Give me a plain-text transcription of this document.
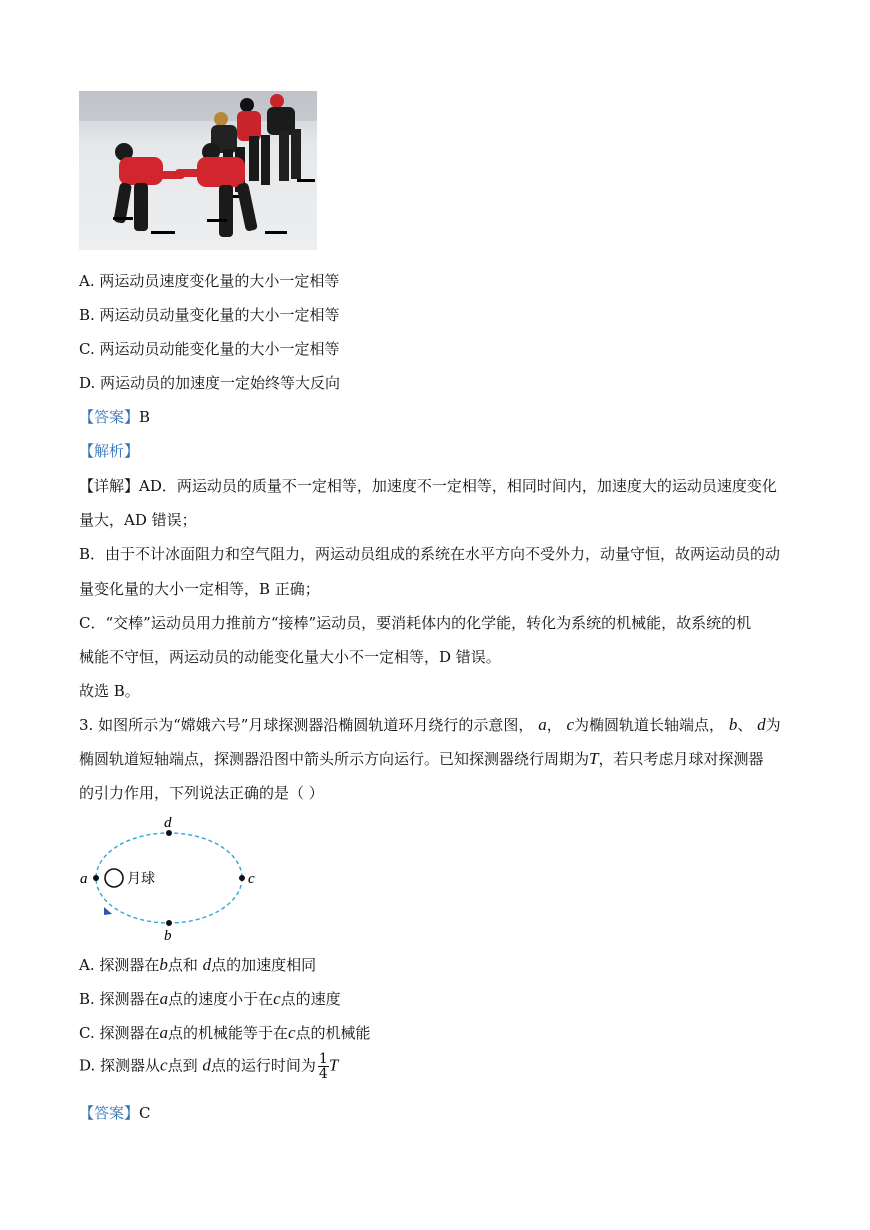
A. 两运动员速度变化量的大小一定相等
B. 两运动员动量变化量的大小一定相等
C. 两运动员动能变化量的大小一定相等
D. 两运动员的加速度一定始终等大反向
【答案】B
【解析】
【详解】AD．两运动员的质量不一定相等，加速度不一定相等，相同时间内，加速度大的运动员速度变化
量大，AD 错误；
B．由于不计冰面阻力和空气阻力，两运动员组成的系统在水平方向不受外力，动量守恒，故两运动员的动
量变化量的大小一定相等，B 正确；
C．“交棒”运动员用力推前方“接棒”运动员，要消耗体内的化学能，转化为系统的机械能，故系统的机
械能不守恒，两运动员的动能变化量大小不一定相等，D 错误。
故选 B。
3. 如图所示为“嫦娥六号”月球探测器沿椭圆轨道环月绕行的示意图， a， c为椭圆轨道长轴端点， b、 d为
椭圆轨道短轴端点，探测器沿图中箭头所示方向运行。已知探测器绕行周期为T，若只考虑月球对探测器
的引力作用，下列说法正确的是（ ）
a	c
d
b
月球
A. 探测器在b点和 d点的加速度相同
B. 探测器在a点的速度小于在c点的速度
C. 探测器在a点的机械能等于在c点的机械能
D. 探测器从c点到 d点的运行时间为 $\frac{1}{4}$ T
【答案】C
